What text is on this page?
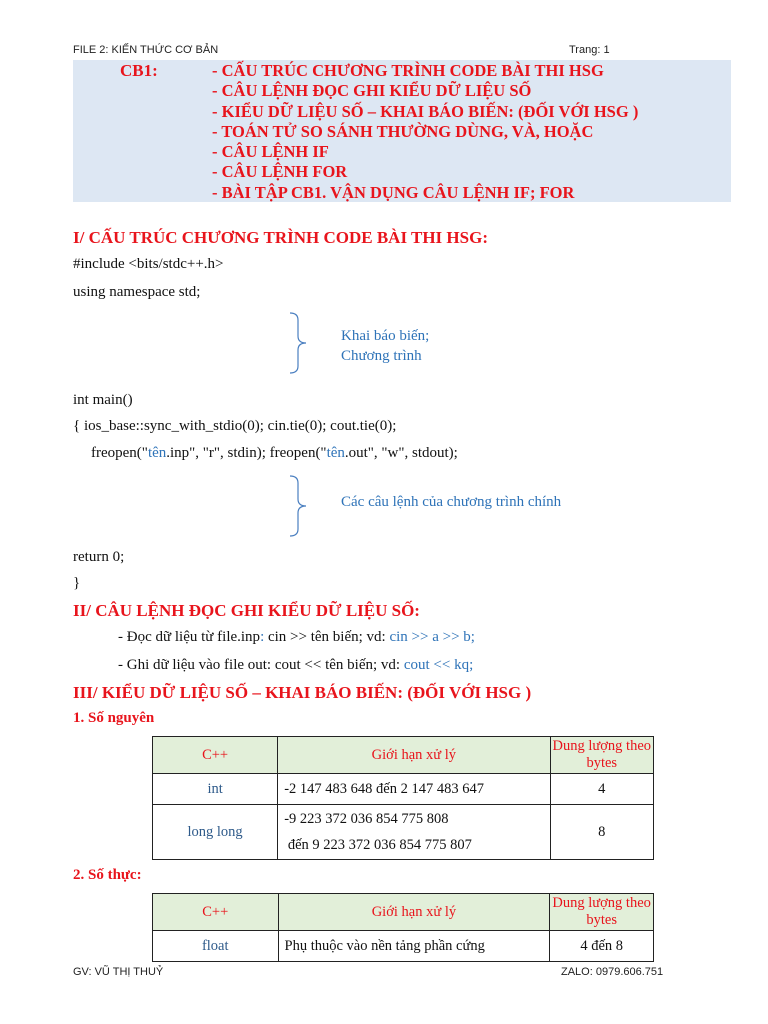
FILE 2: KIẾN THỨC CƠ BẢN	Trang: 1
CB1:	- CẤU TRÚC CHƯƠNG TRÌNH CODE BÀI THI HSG
- CÂU LỆNH ĐỌC GHI KIỂU DỮ LIỆU SỐ
- KIỂU DỮ LIỆU SỐ – KHAI BÁO BIẾN: (ĐỐI VỚI HSG )
- TOÁN TỬ SO SÁNH THƯỜNG DÙNG, VÀ, HOẶC
- CÂU LỆNH IF
- CÂU LỆNH FOR
- BÀI TẬP CB1. VẬN DỤNG CÂU LỆNH IF; FOR
I/ CẤU TRÚC CHƯƠNG TRÌNH CODE BÀI THI HSG:
#include <bits/stdc++.h>
using namespace std;
Khai báo biến;
Chương trình
int main()
{ ios_base::sync_with_stdio(0); cin.tie(0); cout.tie(0);
freopen("tên.inp", "r", stdin); freopen("tên.out", "w", stdout);
Các câu lệnh của chương trình chính
return 0;
}
II/ CÂU LỆNH ĐỌC GHI KIỂU DỮ LIỆU SỐ:
- Đọc dữ liệu từ file.inp: cin >> tên biến; vd: cin >> a >> b;
- Ghi dữ liệu vào file out: cout << tên biến; vd: cout << kq;
III/ KIỂU DỮ LIỆU SỐ – KHAI BÁO BIẾN: (ĐỐI VỚI HSG )
1. Số nguyên
C++	Giới hạn xử lý	Dung lượng theo bytes
int	-2 147 483 648 đến 2 147 483 647	4
long long	-9 223 372 036 854 775 808
đến 9 223 372 036 854 775 807	8
2. Số thực:
C++	Giới hạn xử lý	Dung lượng theo bytes
float	Phụ thuộc vào nền tảng phần cứng	4 đến 8
GV: VŨ THỊ THUỶ	ZALO: 0979.606.751
